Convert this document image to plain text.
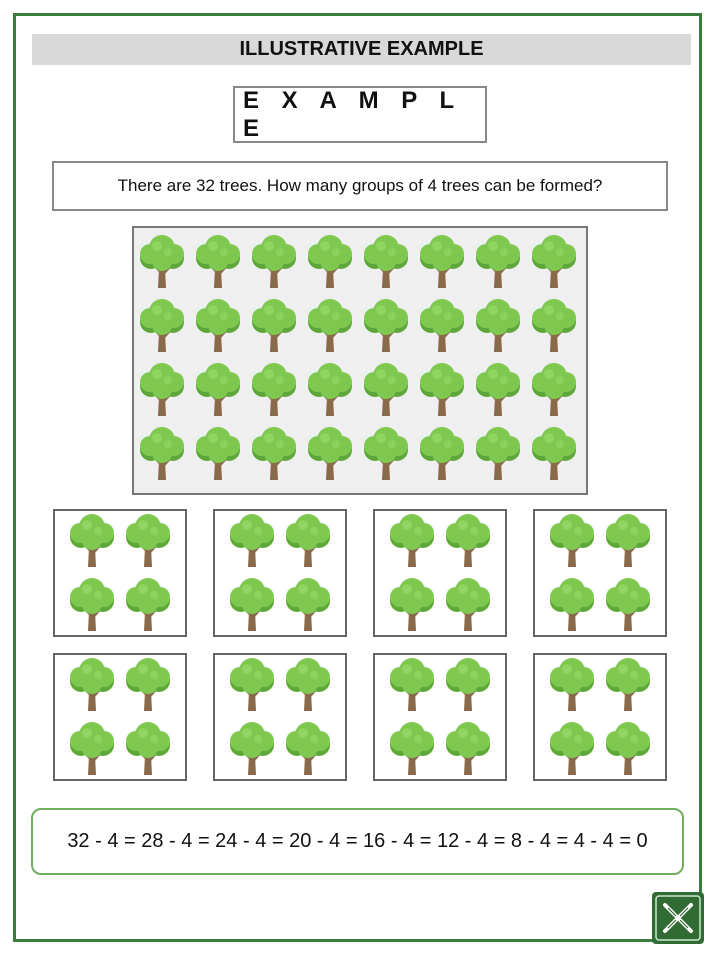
ILLUSTRATIVE EXAMPLE
E X A M P L E
There are 32 trees. How many groups of 4 trees can be formed?
32 - 4 = 28 - 4 = 24 - 4 = 20 - 4 = 16 - 4 = 12 - 4 = 8 - 4 = 4 - 4 = 0
